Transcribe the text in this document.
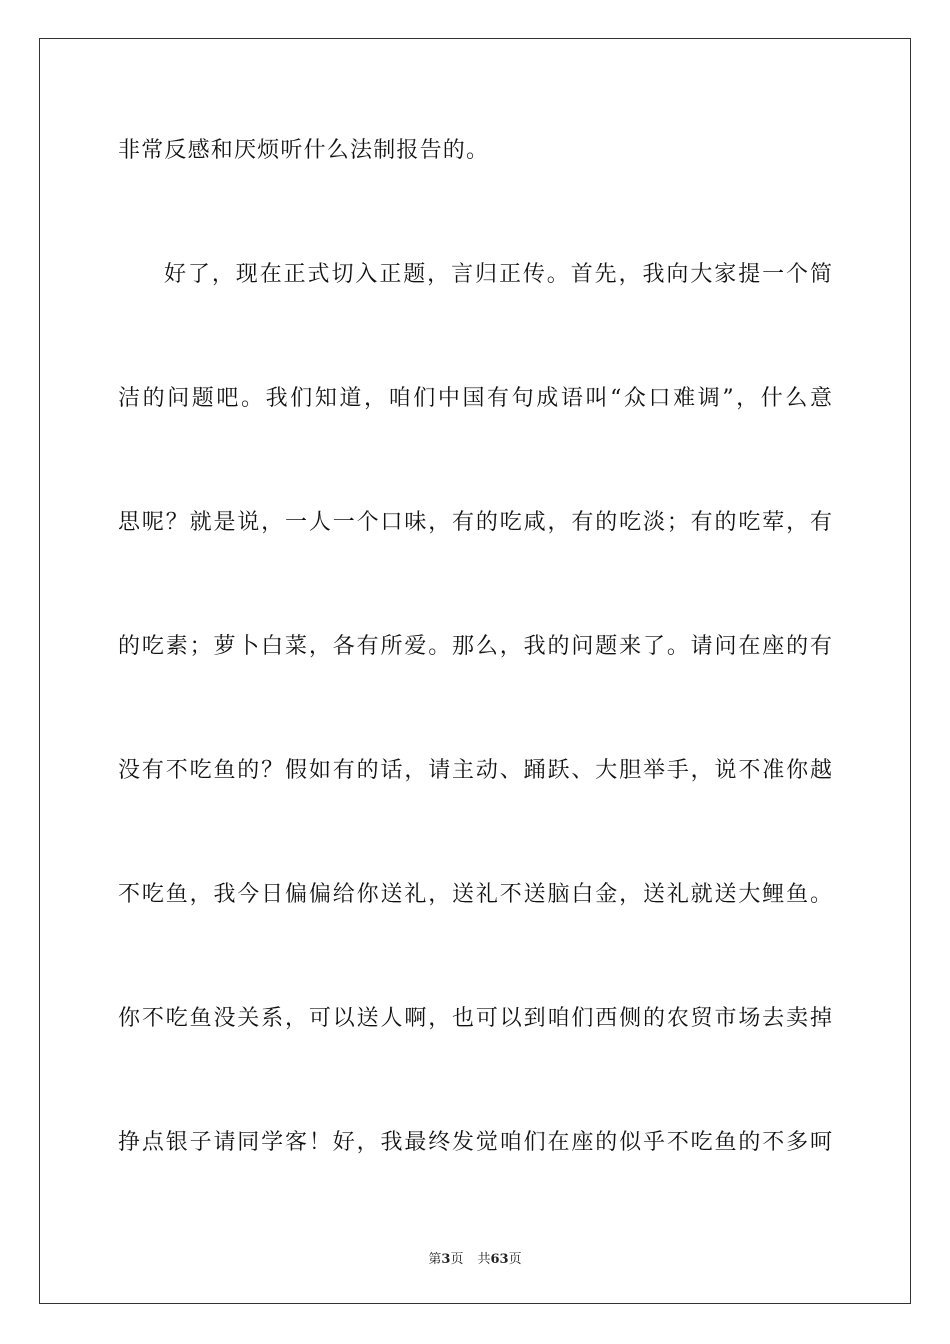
非常反感和厌烦听什么法制报告的。
好了，现在正式切入正题，言归正传。首先，我向大家提一个简
洁的问题吧。我们知道，咱们中国有句成语叫“众口难调”，什么意
思呢？就是说，一人一个口味，有的吃咸，有的吃淡；有的吃荤，有
的吃素；萝卜白菜，各有所爱。那么，我的问题来了。请问在座的有
没有不吃鱼的？假如有的话，请主动、踊跃、大胆举手，说不准你越
不吃鱼，我今日偏偏给你送礼，送礼不送脑白金，送礼就送大鲤鱼。
你不吃鱼没关系，可以送人啊，也可以到咱们西侧的农贸市场去卖掉
挣点银子请同学客！好，我最终发觉咱们在座的似乎不吃鱼的不多呵
第3页 共63页
